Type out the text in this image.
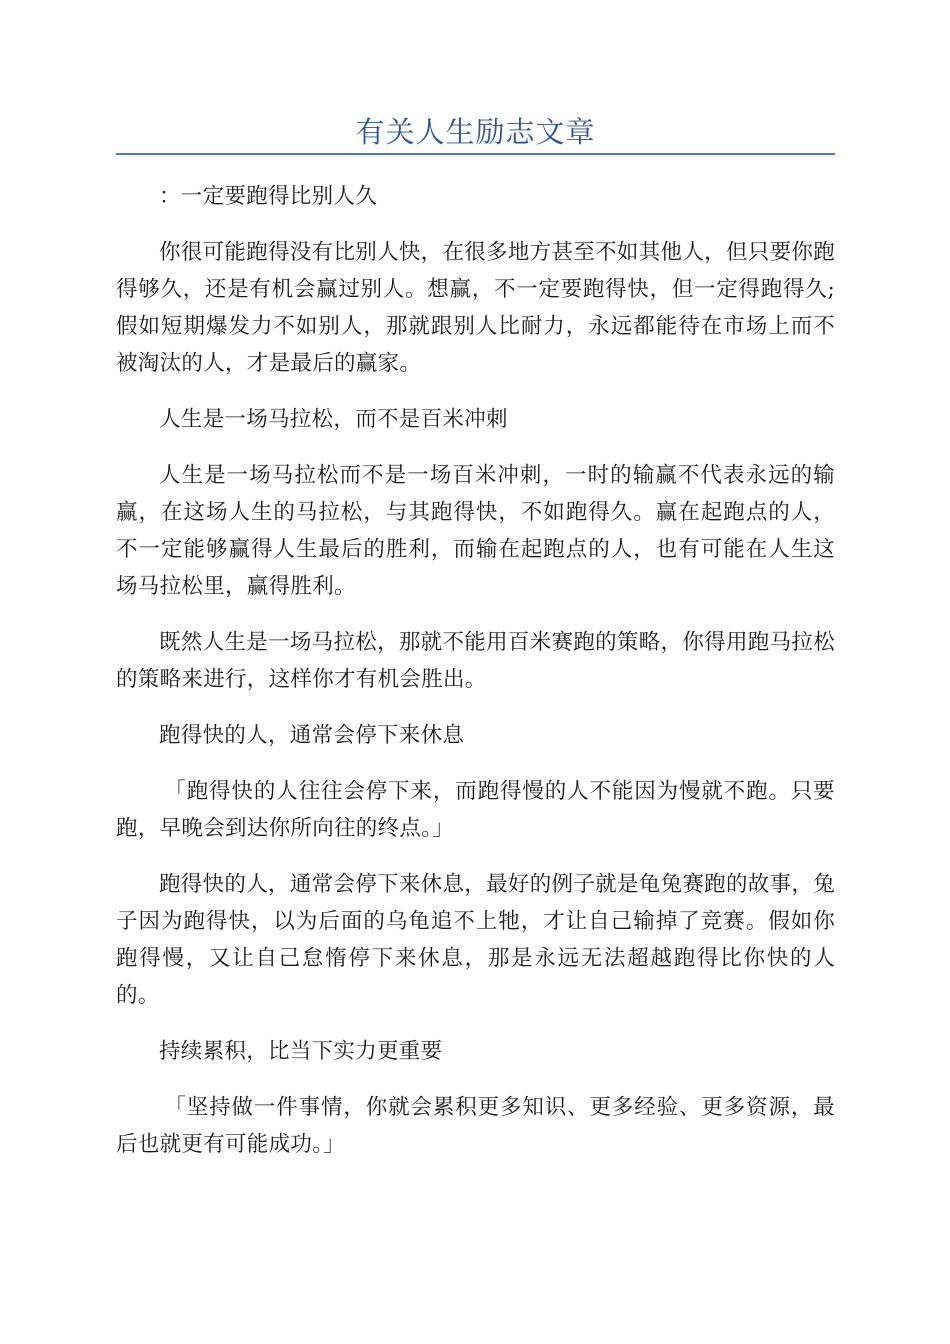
有关人生励志文章

：一定要跑得比别人久

你很可能跑得没有比别人快，在很多地方甚至不如其他人，但只要你跑得够久，还是有机会赢过别人。想赢，不一定要跑得快，但一定得跑得久;假如短期爆发力不如别人，那就跟别人比耐力，永远都能待在市场上而不被淘汰的人，才是最后的赢家。

人生是一场马拉松，而不是百米冲刺

人生是一场马拉松而不是一场百米冲刺，一时的输赢不代表永远的输赢，在这场人生的马拉松，与其跑得快，不如跑得久。赢在起跑点的人，不一定能够赢得人生最后的胜利，而输在起跑点的人，也有可能在人生这场马拉松里，赢得胜利。

既然人生是一场马拉松，那就不能用百米赛跑的策略，你得用跑马拉松的策略来进行，这样你才有机会胜出。

跑得快的人，通常会停下来休息

「跑得快的人往往会停下来，而跑得慢的人不能因为慢就不跑。只要跑，早晚会到达你所向往的终点。」

跑得快的人，通常会停下来休息，最好的例子就是龟兔赛跑的故事，兔子因为跑得快，以为后面的乌龟追不上牠，才让自己输掉了竞赛。假如你跑得慢，又让自己怠惰停下来休息，那是永远无法超越跑得比你快的人的。

持续累积，比当下实力更重要

「坚持做一件事情，你就会累积更多知识、更多经验、更多资源，最后也就更有可能成功。」
